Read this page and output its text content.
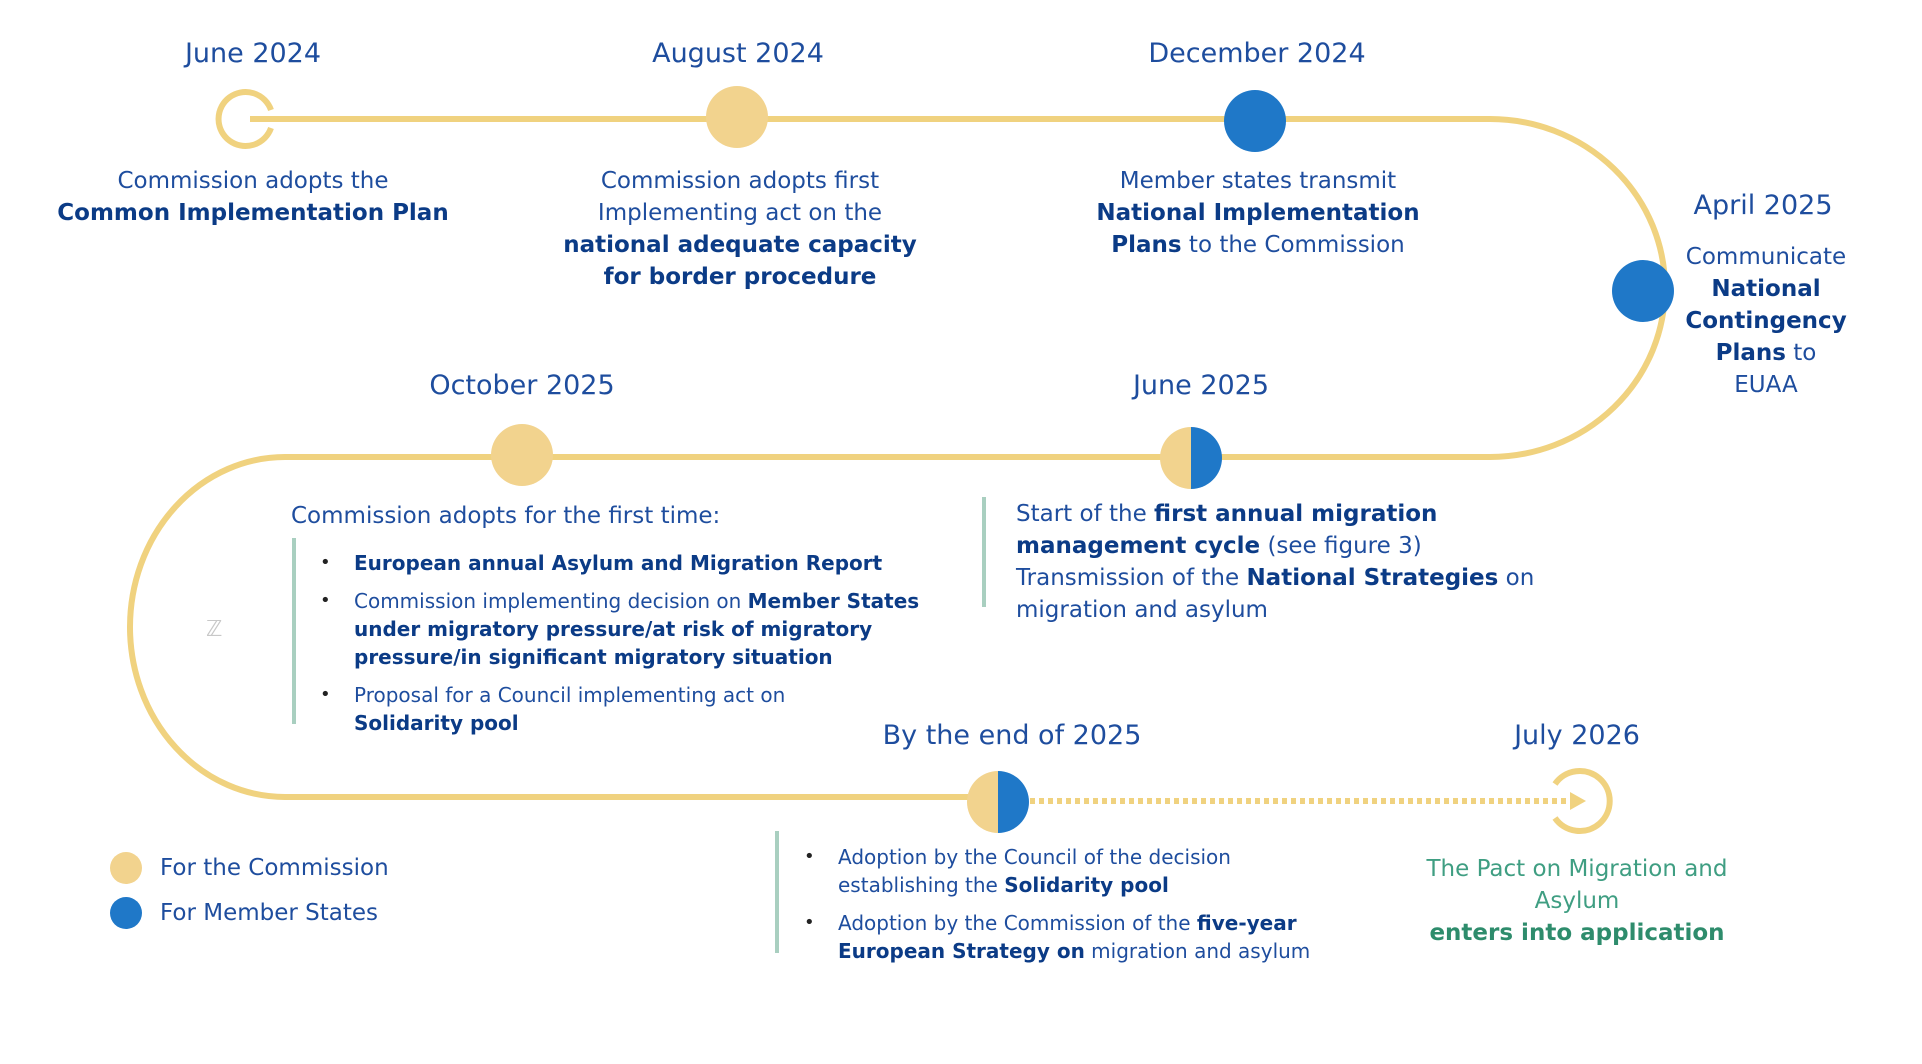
June 2024	August 2024	December 2024
April 2025
June 2025
October 2025
By the end of 2025	July 2026
Commission adopts the
Common Implementation Plan
Commission adopts first
Implementing act on the
national adequate capacity
for border procedure
Member states transmit
National Implementation
Plans to the Commission	Communicate
National
Contingency
Plans to
EUAA
Start of the first annual migration
management cycle (see figure 3)
Transmission of the National Strategies on
migration and asylum
Commission adopts for the first time:
• European annual Asylum and Migration Report
• Commission implementing decision on Member States
under migratory pressure/at risk of migratory
pressure/in significant migratory situation
• Proposal for a Council implementing act on
Solidarity pool
• Adoption by the Council of the decision
establishing the Solidarity pool
• Adoption by the Commission of the five-year
European Strategy on migration and asylum
The Pact on Migration and Asylum
enters into application
ℤ
For the Commission
For Member States
